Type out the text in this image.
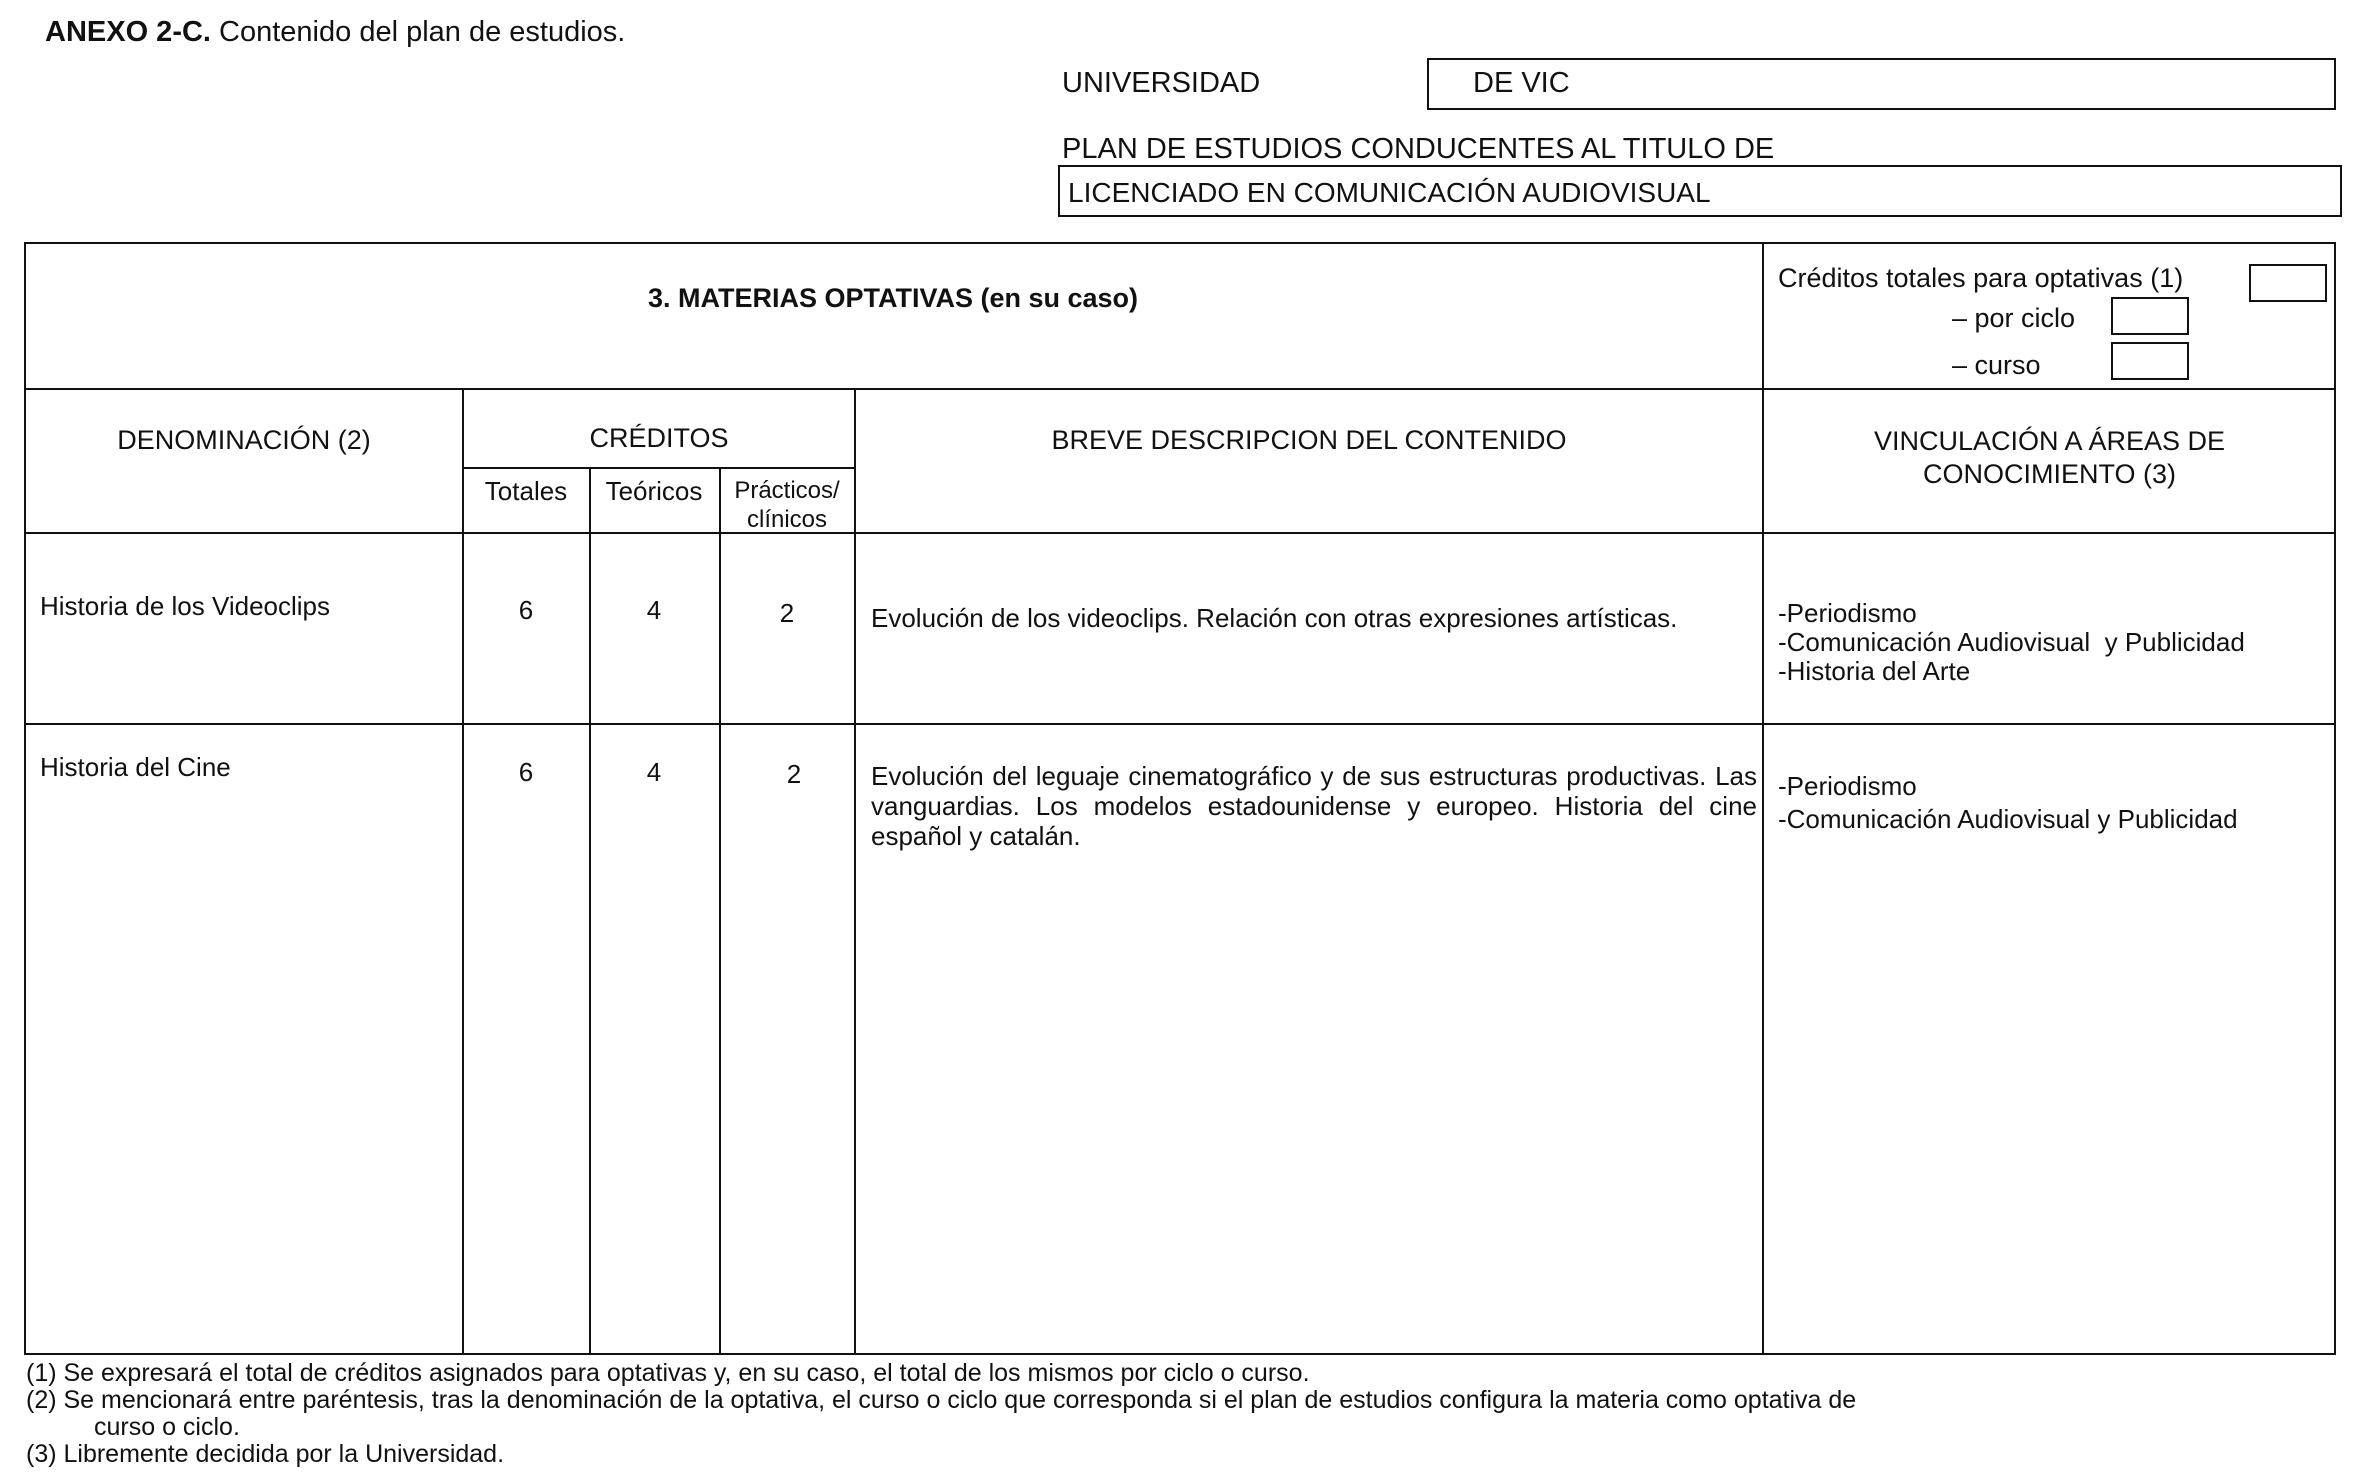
ANEXO 2-C. Contenido del plan de estudios.
UNIVERSIDAD	DE VIC
PLAN DE ESTUDIOS CONDUCENTES AL TITULO DE
LICENCIADO EN COMUNICACIÓN AUDIOVISUAL
3. MATERIAS OPTATIVAS (en su caso)
Créditos totales para optativas (1)
– por ciclo
– curso
DENOMINACIÓN (2)	CRÉDITOS
Totales	Teóricos	Prácticos/
clínicos
BREVE DESCRIPCION DEL CONTENIDO	VINCULACIÓN A ÁREAS DE
CONOCIMIENTO (3)
Historia de los Videoclips	6	4	2	Evolución de los videoclips. Relación con otras expresiones artísticas.	-Periodismo
-Comunicación Audiovisual  y Publicidad
-Historia del Arte
Historia del Cine	6	4	2	Evolución del leguaje cinematográfico y de sus estructuras productivas. Las vanguardias. Los modelos estadounidense y europeo. Historia del cine español y catalán.
-Periodismo
-Comunicación Audiovisual y Publicidad
(1) Se expresará el total de créditos asignados para optativas y, en su caso, el total de los mismos por ciclo o curso.
(2) Se mencionará entre paréntesis, tras la denominación de la optativa, el curso o ciclo que corresponda si el plan de estudios configura la materia como optativa de
curso o ciclo.
(3) Libremente decidida por la Universidad.
